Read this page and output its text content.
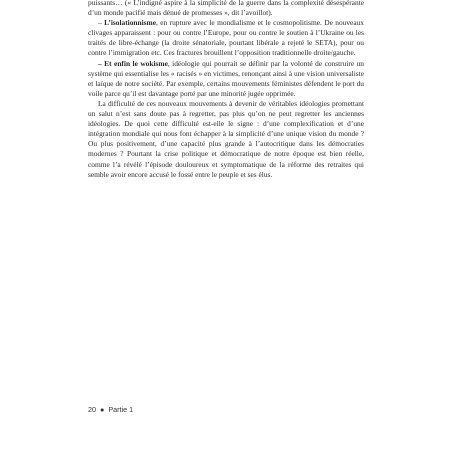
puissants… (« L’indigné aspire à la simplicité de la guerre dans la complexité désespérante d’un monde pacifié mais dénué de promesses », dit l’avoillot).

– L’isolationnisme, en rupture avec le mondialisme et le cosmopolitisme. De nouveaux clivages apparaissent : pour ou contre l’Europe, pour ou contre le soutien à l’Ukraine ou les traités de libre-échange (la droite sénatoriale, pourtant libérale a rejeté le SETA), pour ou contre l’immigration etc. Ces fractures brouillent l’opposition traditionnelle droite/gauche.

– Et enfin le wokisme, idéologie qui pourrait se définir par la volonté de construire un système qui essentialise les « racisés » en victimes, renonçant ainsi à une vision universaliste et laïque de notre société. Par exemple, certains mouvements féministes défendent le port du voile parce qu’il est davantage porté par une minorité jugée opprimée.

La difficulté de ces nouveaux mouvements à devenir de véritables idéologies promettant un salut n’est sans doute pas à regretter, pas plus qu’on ne peut regretter les anciennes idéologies. De quoi cette difficulté est-elle le signe : d’une complexification et d’une intégration mondiale qui nous font échapper à la simplicité d’une unique vision du monde ? Ou plus positivement, d’une capacité plus grande à l’autocritique dans les démocraties modernes ? Pourtant la crise politique et démocratique de notre époque est bien réelle, comme l’a révélé l’épisode douloureux et symptomatique de la réforme des retraites qui semble avoir encore accusé le fossé entre le peuple et ses élus.

20 ● Partie 1
